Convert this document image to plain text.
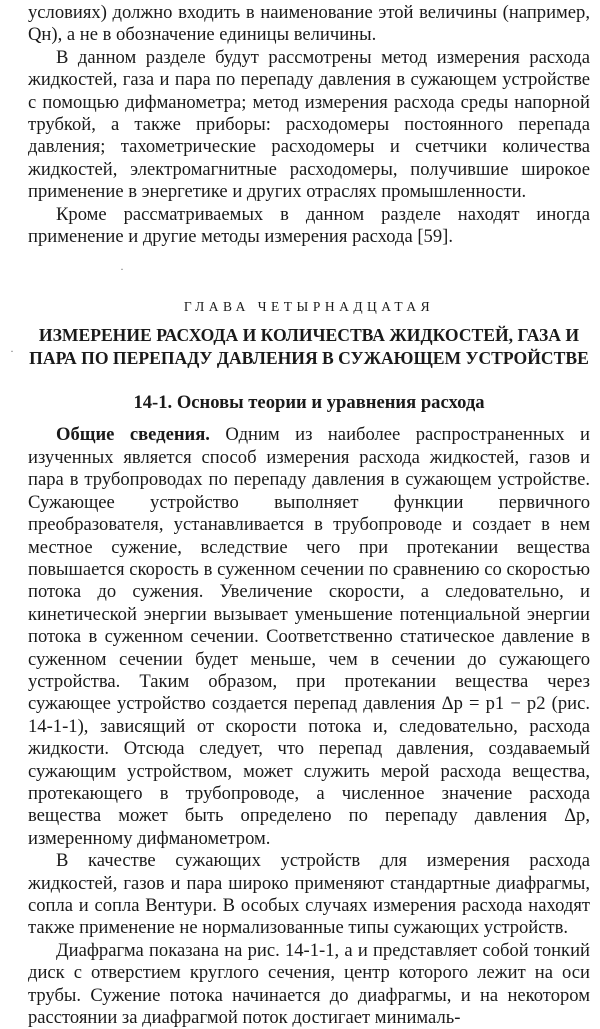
условиях) должно входить в наименование этой величины (например, Qн), а не в обозначение единицы величины.

В данном разделе будут рассмотрены метод измерения расхода жидкостей, газа и пара по перепаду давления в сужающем устройстве с помощью дифманометра; метод измерения расхода среды напорной трубкой, а также приборы: расходомеры постоянного перепада давления; тахометрические расходомеры и счетчики количества жидкостей, электромагнитные расходомеры, получившие широкое применение в энергетике и других отраслях промышленности.

Кроме рассматриваемых в данном разделе находят иногда применение и другие методы измерения расхода [59].

ГЛАВА ЧЕТЫРНАДЦАТАЯ
ИЗМЕРЕНИЕ РАСХОДА И КОЛИЧЕСТВА ЖИДКОСТЕЙ, ГАЗА И ПАРА ПО ПЕРЕПАДУ ДАВЛЕНИЯ В СУЖАЮЩЕМ УСТРОЙСТВЕ
14-1. Основы теории и уравнения расхода

Общие сведения. Одним из наиболее распространенных и изученных является способ измерения расхода жидкостей, газов и пара в трубопроводах по перепаду давления в сужающем устройстве. Сужающее устройство выполняет функции первичного преобразователя, устанавливается в трубопроводе и создает в нем местное сужение, вследствие чего при протекании вещества повышается скорость в суженном сечении по сравнению со скоростью потока до сужения. Увеличение скорости, а следовательно, и кинетической энергии вызывает уменьшение потенциальной энергии потока в суженном сечении. Соответственно статическое давление в суженном сечении будет меньше, чем в сечении до сужающего устройства. Таким образом, при протекании вещества через сужающее устройство создается перепад давления Δp = p1 − p2 (рис. 14-1-1), зависящий от скорости потока и, следовательно, расхода жидкости. Отсюда следует, что перепад давления, создаваемый сужающим устройством, может служить мерой расхода вещества, протекающего в трубопроводе, а численное значение расхода вещества может быть определено по перепаду давления Δp, измеренному дифманометром.

В качестве сужающих устройств для измерения расхода жидкостей, газов и пара широко применяют стандартные диафрагмы, сопла и сопла Вентури. В особых случаях измерения расхода находят также применение не нормализованные типы сужающих устройств.

Диафрагма показана на рис. 14-1-1, а и представляет собой тонкий диск с отверстием круглого сечения, центр которого лежит на оси трубы. Сужение потока начинается до диафрагмы, и на некотором расстоянии за диафрагмой поток достигает минималь-

·
·
